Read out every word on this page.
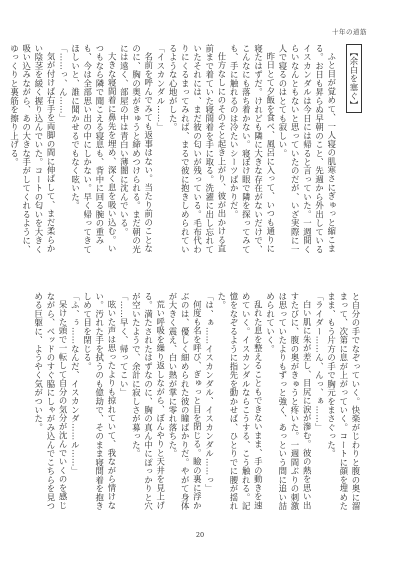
十年の道筋

【余白を塞ぐ】

ふと目が覚めて、一人寝の肌寒さにぎゅっと縮こまる。お日も昇らぬ早朝のこと、先週から外出しているイスカンダルは今日には帰ると言っていた。一週間くらいなんともないと思っていたのだが、いざ実際に一人で寝るのはとても寂しい。

昨日とて夕飯を食べ、風呂に入って、いつも通りに寝たはずだ。けれども隣に大きな存在がないだけで、こんなにも落ち着かない。寝ぼけ眼で隣を探ってみても、手に触れるのは冷たいシーツばかりだ。

仕方なしにのそのそと起き上がり、彼が出かける直前まで着ていた寝間着を手に取る。洗濯に出し忘れていたそれには、まだ彼の匂いが残っている。毛布代わりにくるまってみれば、まるで彼に抱きしめられているような心地がした。

「イスカンダル……」

名前を呼んでみても返事はない。当たり前のことなのに、胸の奥がきゅうと締めつけられる。まだ朝の光には遠く、部屋の中は青白い薄闇に沈んでいる。

大きな寝間着に鼻先を埋め、深く息を吸い込む。いつもなら隣で聞こえる寝息も、背中に回る腕の重みも、今は全部思い出の中にしかない。早く帰ってきてほしいと、誰に聞かせるでもなく呟いた。

「……っ、ん……」

気が付けば右手を両脚の間に伸ばして、まだ柔らかい陰茎を緩く握り込んでいた。コートの匂いを大きく吸い込みながら、あの大きな手がしてくれるように、ゆっくりと裏筋を擦り上げる。

と自分の手でなぞっていく。快楽がじわりと腹の奥に溜まって、次第に息が上がっていく。コートに顔を埋めたまま、もう片方の手で胸元をまさぐった。

「ライダー……ん、んっ、ぁ……」

白い肌に朱が差し、目尻に涙が滲む。彼の熱を思い出すたびに、腹の奥がきゅうと疼いた。一週間ぶりの刺激は思っていたよりもずっと強く、あっという間に追い詰められていく。

乱れた息を整えることもできないまま、手の動きを速めていく。イスカンダルならこうする、こう触れる。記憶をなぞるように指先を動かせば、ひとりでに腰が揺れた。

「は、ぁ……イスカンダル、イスカンダル……っ」

何度も名を呼び、ぎゅっと目を閉じる。瞼の裏に浮かぶのは、優しく細められた彼の瞳ばかりだ。やがて身体が大きく震え、白い熱が掌に零れ落ちた。

荒い呼吸を繰り返しながら、ぼんやりと天井を見上げる。満たされたはずなのに、胸の真ん中にぽっかりと穴が空いたようで、余計に寂しさが募った。

「……早く、帰ってこい」

呟いた声は思ったよりも掠れていて、我ながら情けない。汚れた手を拭うのも億劫で、そのまま寝間着を抱きしめて目を閉じる。

「ふ、ぅ……なんだ、イスカンダ……ル……」

呆けた頭で一転して自分の気分が沈んでいくのを感じながら、ベッドのすぐ脇にしゃがみ込んでこちらを見つめる巨躯に、ようやく気がついた。

20
